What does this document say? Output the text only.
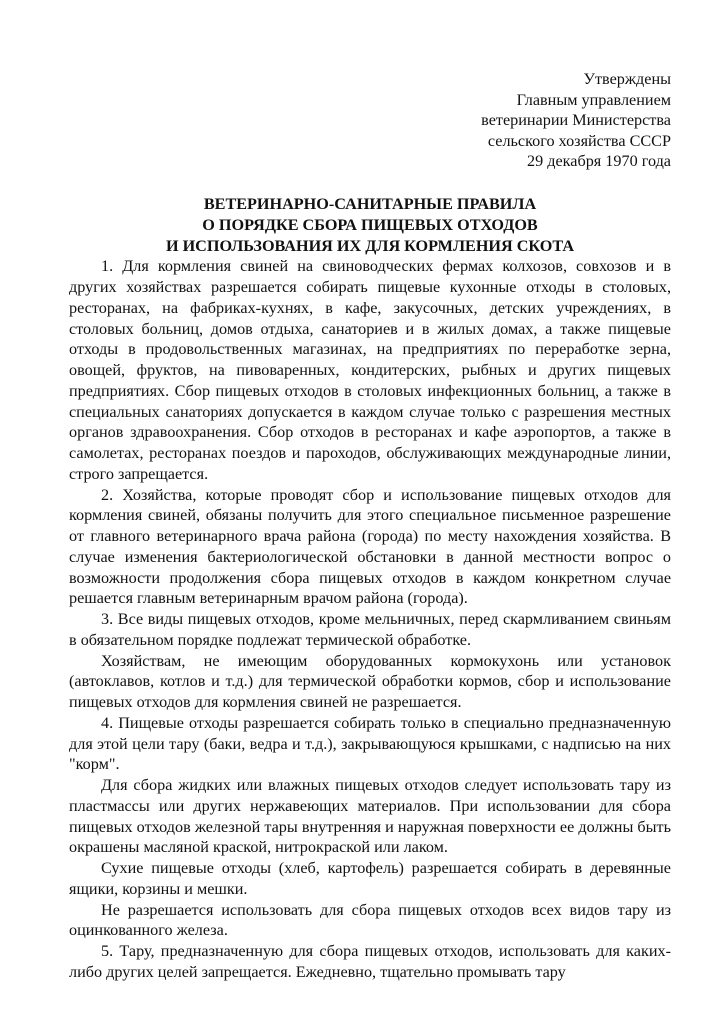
Утверждены
Главным управлением
ветеринарии Министерства
сельского хозяйства СССР
29 декабря 1970 года
ВЕТЕРИНАРНО-САНИТАРНЫЕ ПРАВИЛА
О ПОРЯДКЕ СБОРА ПИЩЕВЫХ ОТХОДОВ
И ИСПОЛЬЗОВАНИЯ ИХ ДЛЯ КОРМЛЕНИЯ СКОТА

1. Для кормления свиней на свиноводческих фермах колхозов, совхозов и в других хозяйствах разрешается собирать пищевые кухонные отходы в столовых, ресторанах, на фабриках-кухнях, в кафе, закусочных, детских учреждениях, в столовых больниц, домов отдыха, санаториев и в жилых домах, а также пищевые отходы в продовольственных магазинах, на предприятиях по переработке зерна, овощей, фруктов, на пивоваренных, кондитерских, рыбных и других пищевых предприятиях. Сбор пищевых отходов в столовых инфекционных больниц, а также в специальных санаториях допускается в каждом случае только с разрешения местных органов здравоохранения. Сбор отходов в ресторанах и кафе аэропортов, а также в самолетах, ресторанах поездов и пароходов, обслуживающих международные линии, строго запрещается.

2. Хозяйства, которые проводят сбор и использование пищевых отходов для кормления свиней, обязаны получить для этого специальное письменное разрешение от главного ветеринарного врача района (города) по месту нахождения хозяйства. В случае изменения бактериологической обстановки в данной местности вопрос о возможности продолжения сбора пищевых отходов в каждом конкретном случае решается главным ветеринарным врачом района (города).

3. Все виды пищевых отходов, кроме мельничных, перед скармливанием свиньям в обязательном порядке подлежат термической обработке.

Хозяйствам, не имеющим оборудованных кормокухонь или установок (автоклавов, котлов и т.д.) для термической обработки кормов, сбор и использование пищевых отходов для кормления свиней не разрешается.

4. Пищевые отходы разрешается собирать только в специально предназначенную для этой цели тару (баки, ведра и т.д.), закрывающуюся крышками, с надписью на них "корм".

Для сбора жидких или влажных пищевых отходов следует использовать тару из пластмассы или других нержавеющих материалов. При использовании для сбора пищевых отходов железной тары внутренняя и наружная поверхности ее должны быть окрашены масляной краской, нитрокраской или лаком.

Сухие пищевые отходы (хлеб, картофель) разрешается собирать в деревянные ящики, корзины и мешки.

Не разрешается использовать для сбора пищевых отходов всех видов тару из оцинкованного железа.

5. Тару, предназначенную для сбора пищевых отходов, использовать для каких-либо других целей запрещается. Ежедневно, тщательно промывать тару
